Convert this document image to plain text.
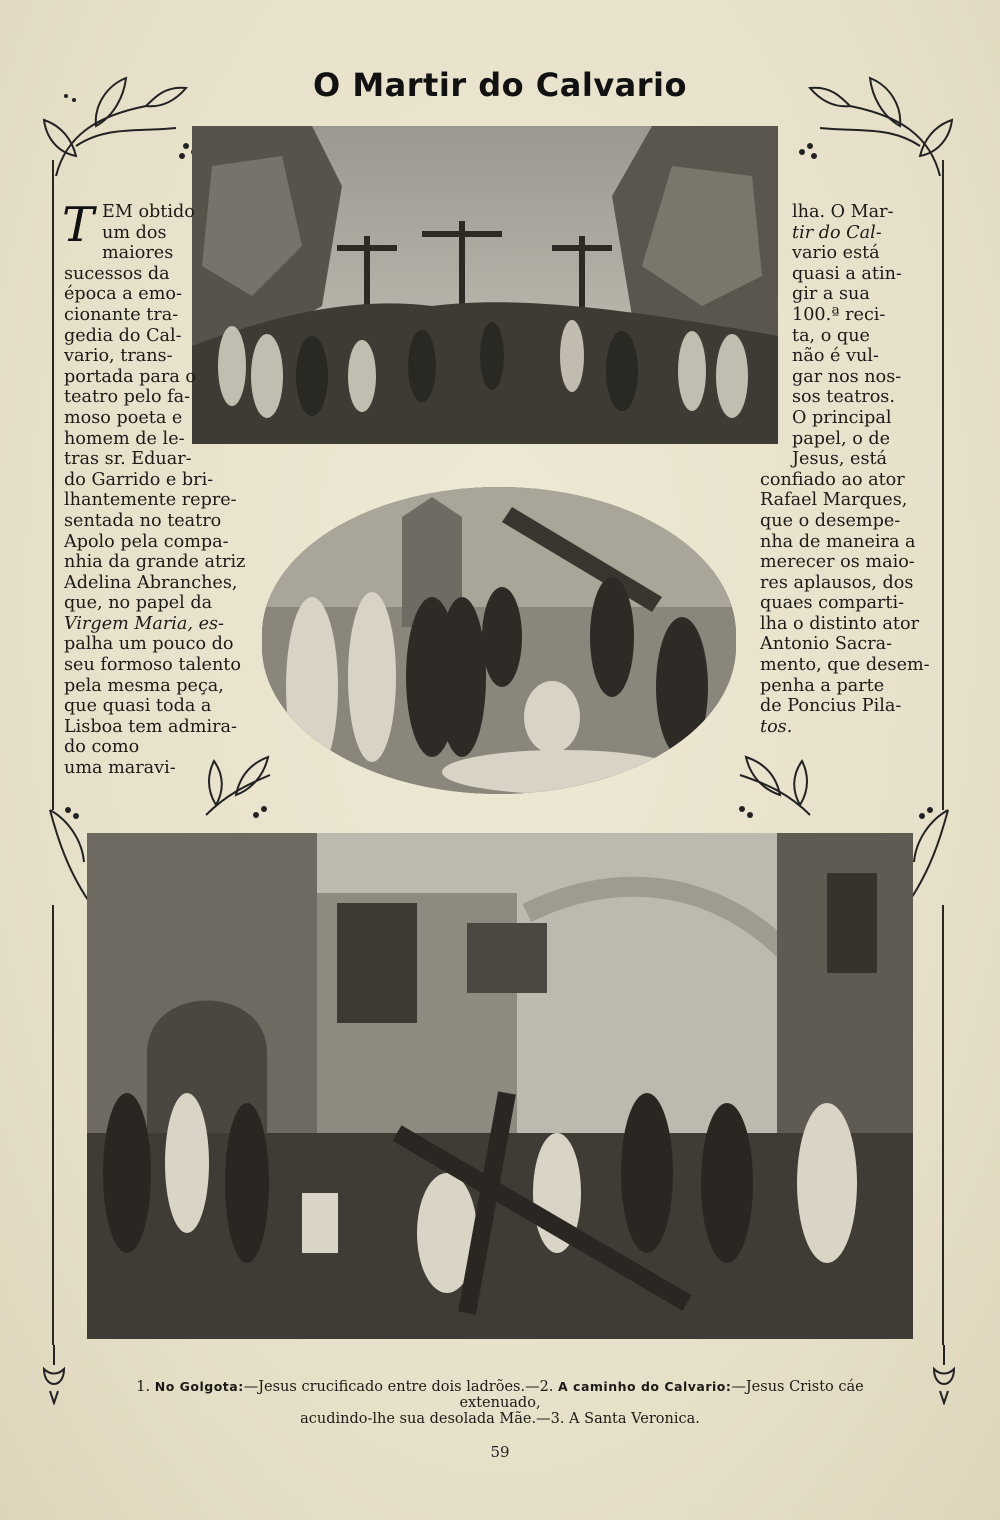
O Martir do Calvario
T EM obtido

um dos

maiores

sucessos da

época a emo-

cionante tra-

gedia do Cal-

vario, trans-

portada para o

teatro pelo fa-

moso poeta e

homem de le-

tras sr. Eduar-

do Garrido e bri-

lhantemente repre-

sentada no teatro

Apolo pela compa-

nhia da grande atriz

Adelina Abranches,

que, no papel da

Virgem Maria, es-

palha um pouco do

seu formoso talento

pela mesma peça,

que quasi toda a

Lisboa tem admira-

do como

uma maravi-

lha. O Mar-

tir do Cal-

vario está

quasi a atin-

gir a sua

100.ª reci-

ta, o que

não é vul-

gar nos nos-

sos teatros.

O principal

papel, o de

Jesus, está

confiado ao ator

Rafael Marques,

que o desempe-

nha de maneira a

merecer os maio-

res aplausos, dos

quaes comparti-

lha o distinto ator

Antonio Sacra-

mento, que desem-

penha a parte

de Poncius Pila-

tos.

1. No Golgota:—Jesus crucificado entre dois ladrões.—2. A caminho do Calvario:—Jesus Cristo cáe extenuado,
acudindo-lhe sua desolada Mãe.—3. A Santa Veronica.
59
